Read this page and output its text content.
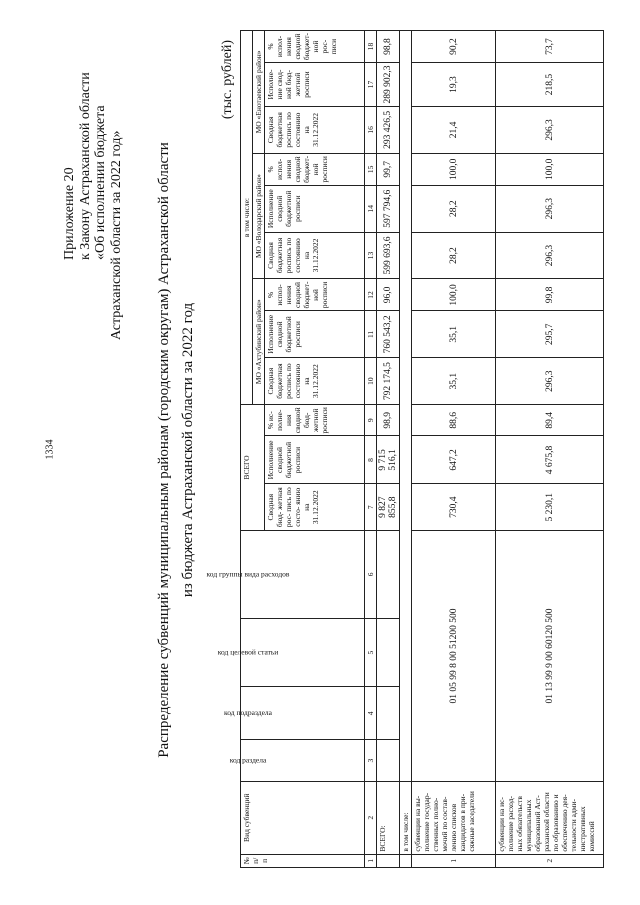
1334
Приложение 20 к Закону Астраханской области «Об исполнении бюджета Астраханской области за 2022 год» Распределение субвенций муниципальным районам (городским округам) Астраханской области из бюджета Астраханской области за 2022 год
(тыс. рублей)
№ п/п	Вид субвенций	код раздела	код подраздела	код целевой статьи	код группы вида расходов	ВСЕГО			в том числе:								
									МО «Ахтубинский район»			МО «Володарский район»			МО «Енотаевский район»		
						Сводная бюд- жетная рос- пись по состо- янию на 31.12.2022	Исполнение сводной бюджетной росписи	% ис- полне- ния сводной бюд- жетной росписи	Сводная бюджетная роспись по состоянию на 31.12.2022	Исполнение сводной бюджетной росписи	% испол- нения сводной бюджет- ной росписи	Сводная бюджетная роспись по состоянию на 31.12.2022	Исполнение сводной бюджетной росписи	% испол- нения сводной бюджет- ной росписи	Сводная бюджетная роспись по состоянию на 31.12.2022	Исполне- ние свод- ной бюд- жетной росписи	% испол- нения сводной бюджет- ной рос- писи
1	2	3	4	5	6	7	8	9	10	11	12	13	14	15	16	17	18
	ВСЕГО:					9 827 855,8	9 715 516,1	98,9	792 174,5	760 543,2	96,0	599 693,6	597 794,6	99,7	293 426,5	289 902,3	98,8
	в том числе:																
1	субвенции на вы- полнение государ- ственных полно- мочий по состав- лению списков кандидатов в при- сяжные заседатели	01 05 99 8 00 51200 500				730,4	647,2	88,6	35,1	35,1	100,0	28,2	28,2	100,0	21,4	19,3	90,2
2	субвенции на ис- полнение расход- ных обязательств муниципальных образований Аст- раханской области по образованию и обеспечению дея- тельности адми- нистративных комиссий	01 13 99 9 00 60120 500				5 230,1	4 675,8	89,4	296,3	295,7	99,8	296,3	296,3	100,0	296,3	218,5	73,7
